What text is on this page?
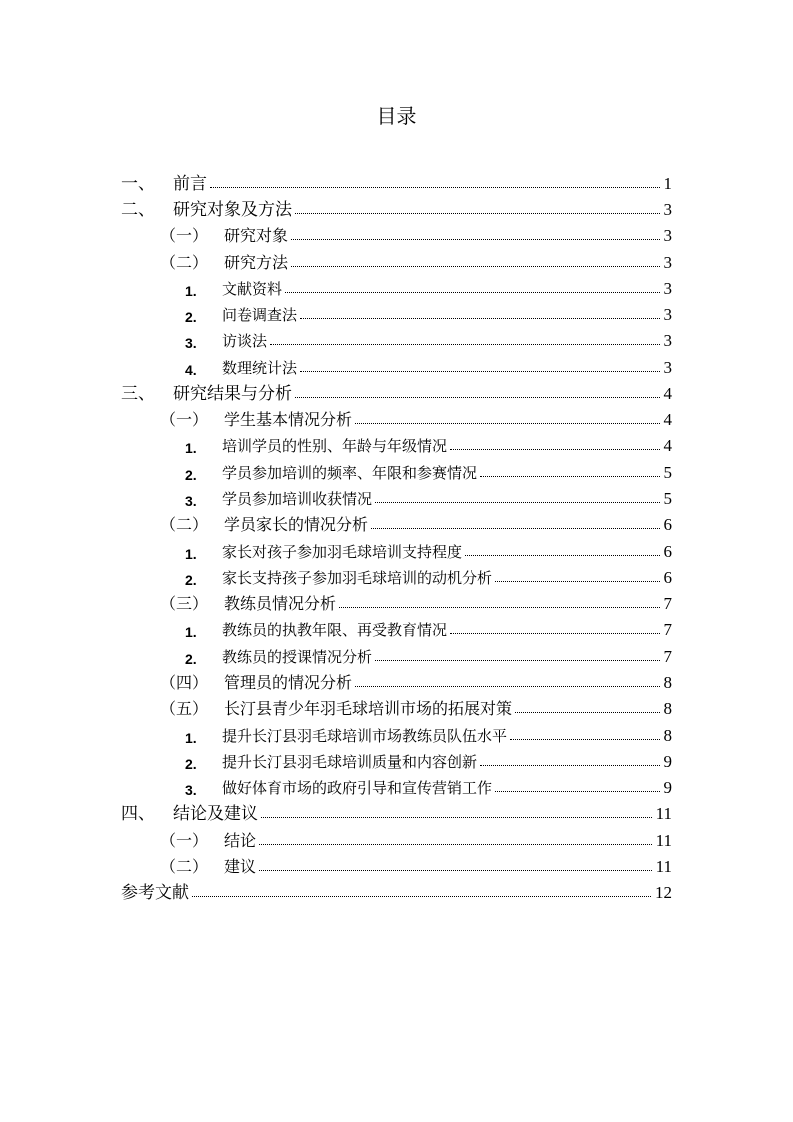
目录
一、	前言	1
二、	研究对象及方法	3
（一） 研究对象	3
（二） 研究方法	3
1.	文献资料	3
2.	问卷调查法	3
3.	访谈法	3
4.	数理统计法	3
三、	研究结果与分析	4
（一） 学生基本情况分析	4
1.	培训学员的性别、年龄与年级情况	4
2.	学员参加培训的频率、年限和参赛情况	5
3.	学员参加培训收获情况	5
（二） 学员家长的情况分析	6
1.	家长对孩子参加羽毛球培训支持程度	6
2.	家长支持孩子参加羽毛球培训的动机分析	6
（三） 教练员情况分析	7
1.	教练员的执教年限、再受教育情况	7
2.	教练员的授课情况分析	7
（四） 管理员的情况分析	8
（五） 长汀县青少年羽毛球培训市场的拓展对策	8
1.	提升长汀县羽毛球培训市场教练员队伍水平	8
2.	提升长汀县羽毛球培训质量和内容创新	9
3.	做好体育市场的政府引导和宣传营销工作	9
四、	结论及建议	11
（一） 结论	11
（二） 建议	11
参考文献	12
